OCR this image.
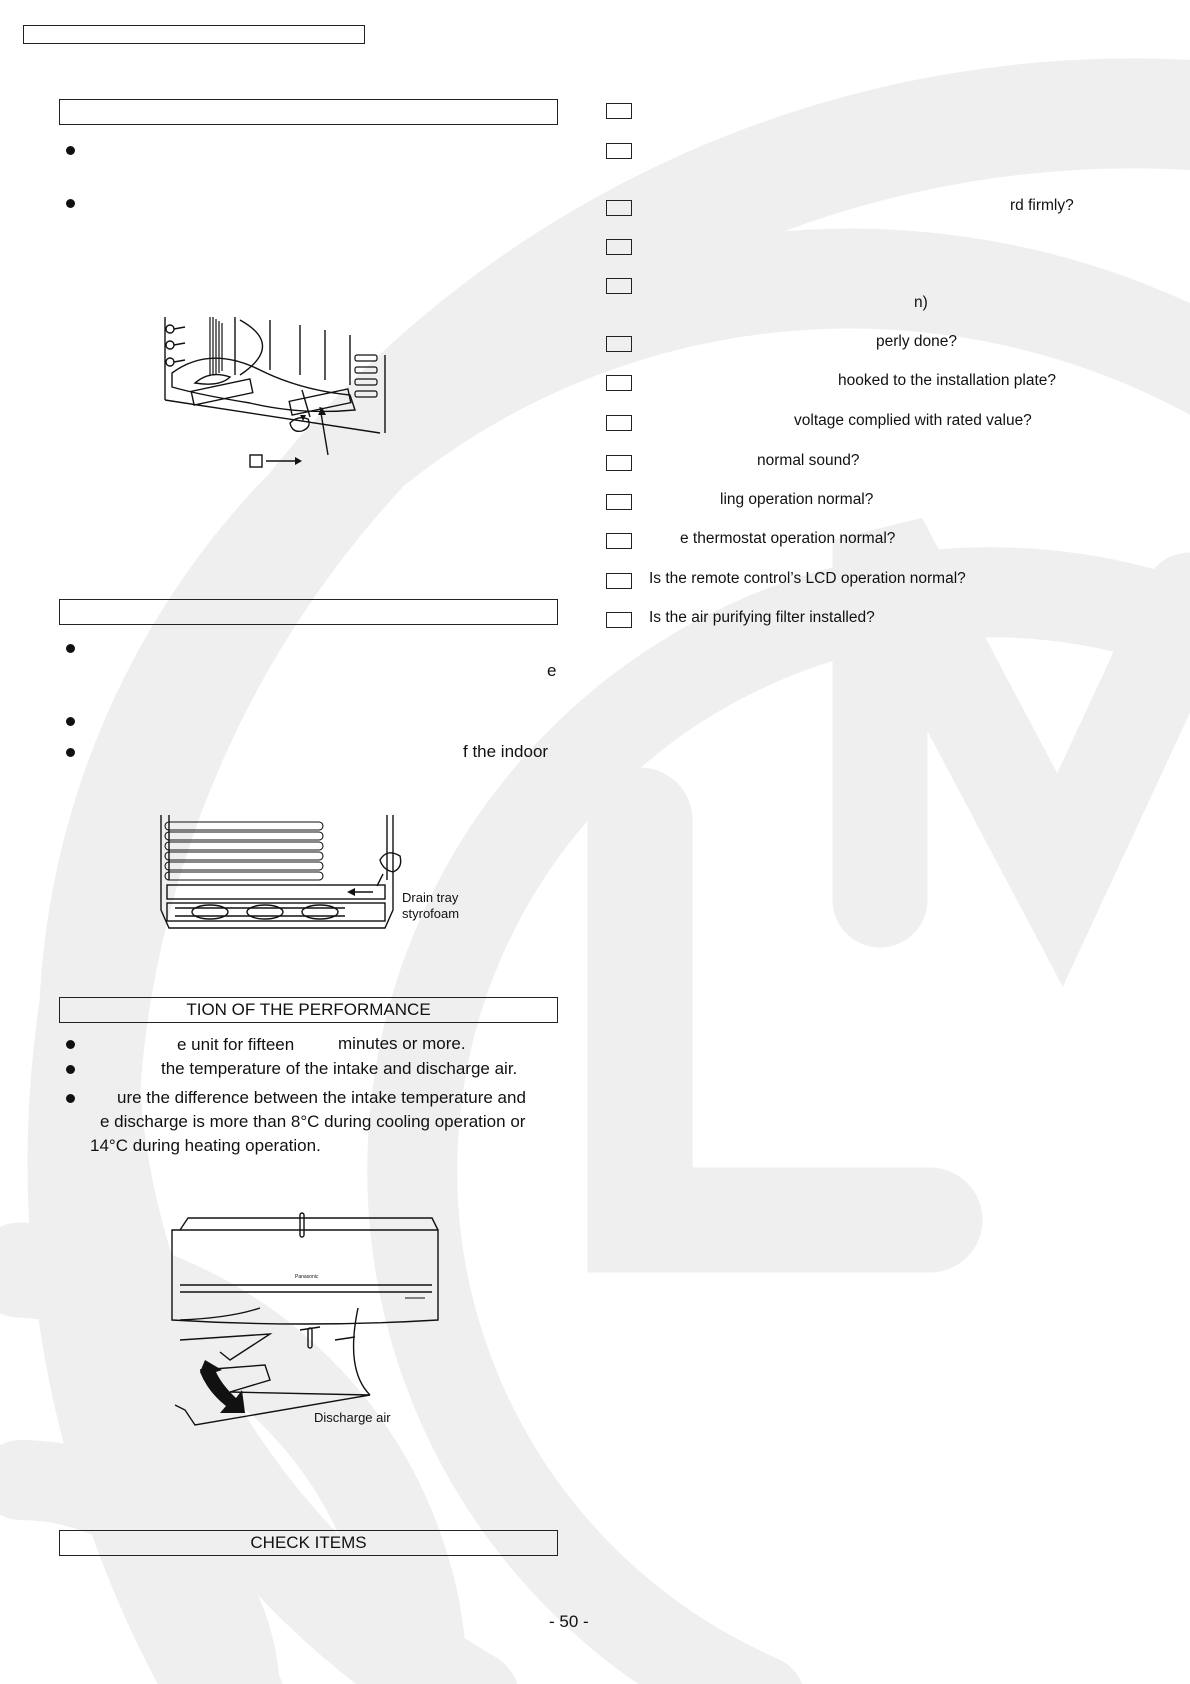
e
f the indoor
Drain tray
styrofoam
TION OF THE PERFORMANCE
e unit for fifteen	minutes or more.
the temperature of the intake and discharge air.
ure the difference between the intake temperature and
e discharge is more than 8°C during cooling operation or
14°C during heating operation.
Panasonic
Discharge air
CHECK ITEMS
rd firmly?
n)
perly done?
hooked to the installation plate?
voltage complied with rated value?
normal sound?
ling operation normal?
e thermostat operation normal?
Is the remote control’s LCD operation normal?
Is the air purifying filter installed?
- 50 -
